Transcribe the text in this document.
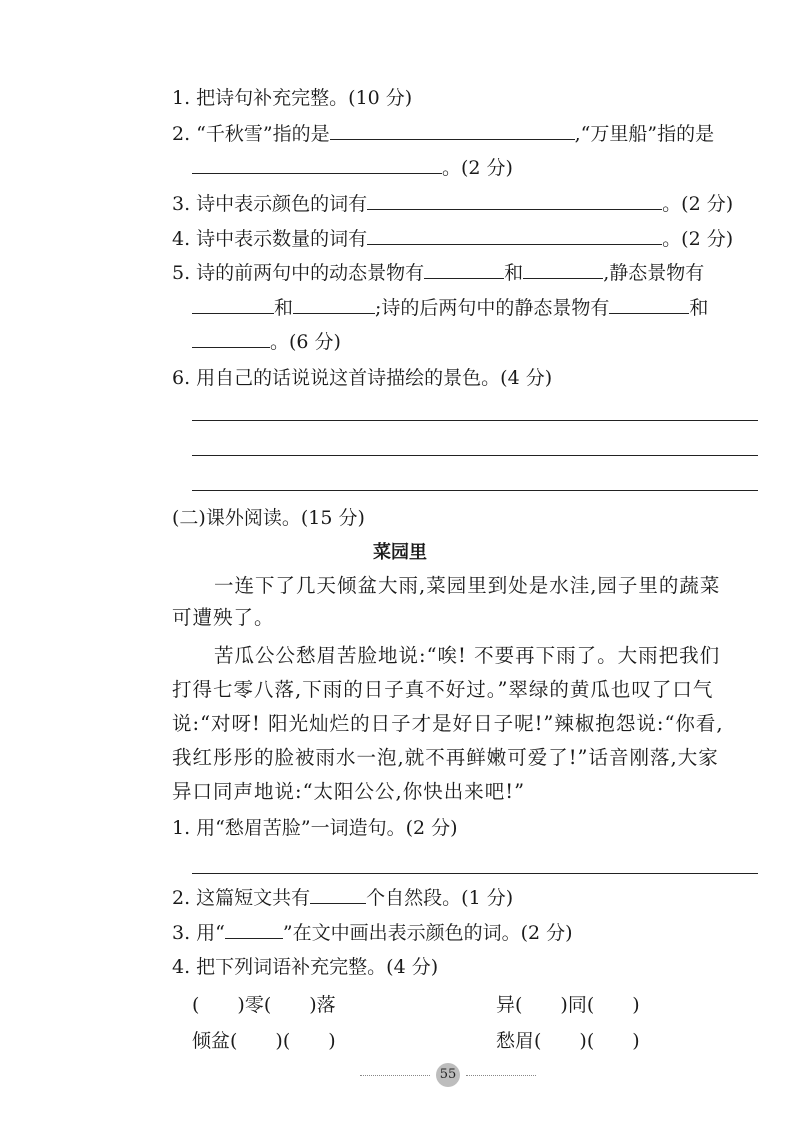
1. 把诗句补充完整。(10 分)
2. “千秋雪”指的是	,“万里船”指的是
。(2 分)
3. 诗中表示颜色的词有	。(2 分)
4. 诗中表示数量的词有	。(2 分)
5. 诗的前两句中的动态景物有	和	,静态景物有
和	;诗的后两句中的静态景物有	和
。(6 分)
6. 用自己的话说说这首诗描绘的景色。(4 分)
(二)课外阅读。(15 分)
菜园里
一连下了几天倾盆大雨,菜园里到处是水洼,园子里的蔬菜
可遭殃了。
苦瓜公公愁眉苦脸地说:“唉! 不要再下雨了。大雨把我们
打得七零八落,下雨的日子真不好过。”翠绿的黄瓜也叹了口气
说:“对呀! 阳光灿烂的日子才是好日子呢!”辣椒抱怨说:“你看,
我红彤彤的脸被雨水一泡,就不再鲜嫩可爱了!”话音刚落,大家
异口同声地说:“太阳公公,你快出来吧!”
1. 用“愁眉苦脸”一词造句。(2 分)
2. 这篇短文共有	个自然段。(1 分)
3. 用“	”在文中画出表示颜色的词。(2 分)
4. 把下列词语补充完整。(4 分)
(　　)零(　　)落	异(　　)同(　　)
倾盆(　　)(　　)	愁眉(　　)(　　)
55
